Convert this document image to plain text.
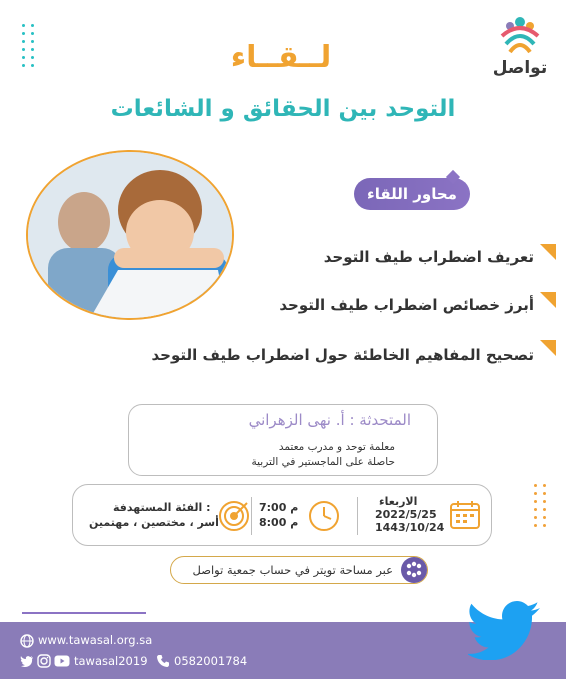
تواصل
لــقــاء
التوحد بين الحقائق و الشائعات
محاور اللقاء
تعريف اضطراب طيف التوحد
أبرز خصائص اضطراب طيف التوحد
تصحيح المفاهيم الخاطئة حول اضطراب طيف التوحد
المتحدثة : أ. نهى الزهراني
معلمة توحد و مدرب معتمد
حاصلة على الماجستير في التربية
الاربعاء
2022/5/25
1443/10/24
7:00 م
8:00 م
الفئة المستهدفة :
أسر ، مختصين ، مهتمين
عبر مساحة تويتر في حساب جمعية تواصل
www.tawasal.org.sa
tawasal2019 0582001784
